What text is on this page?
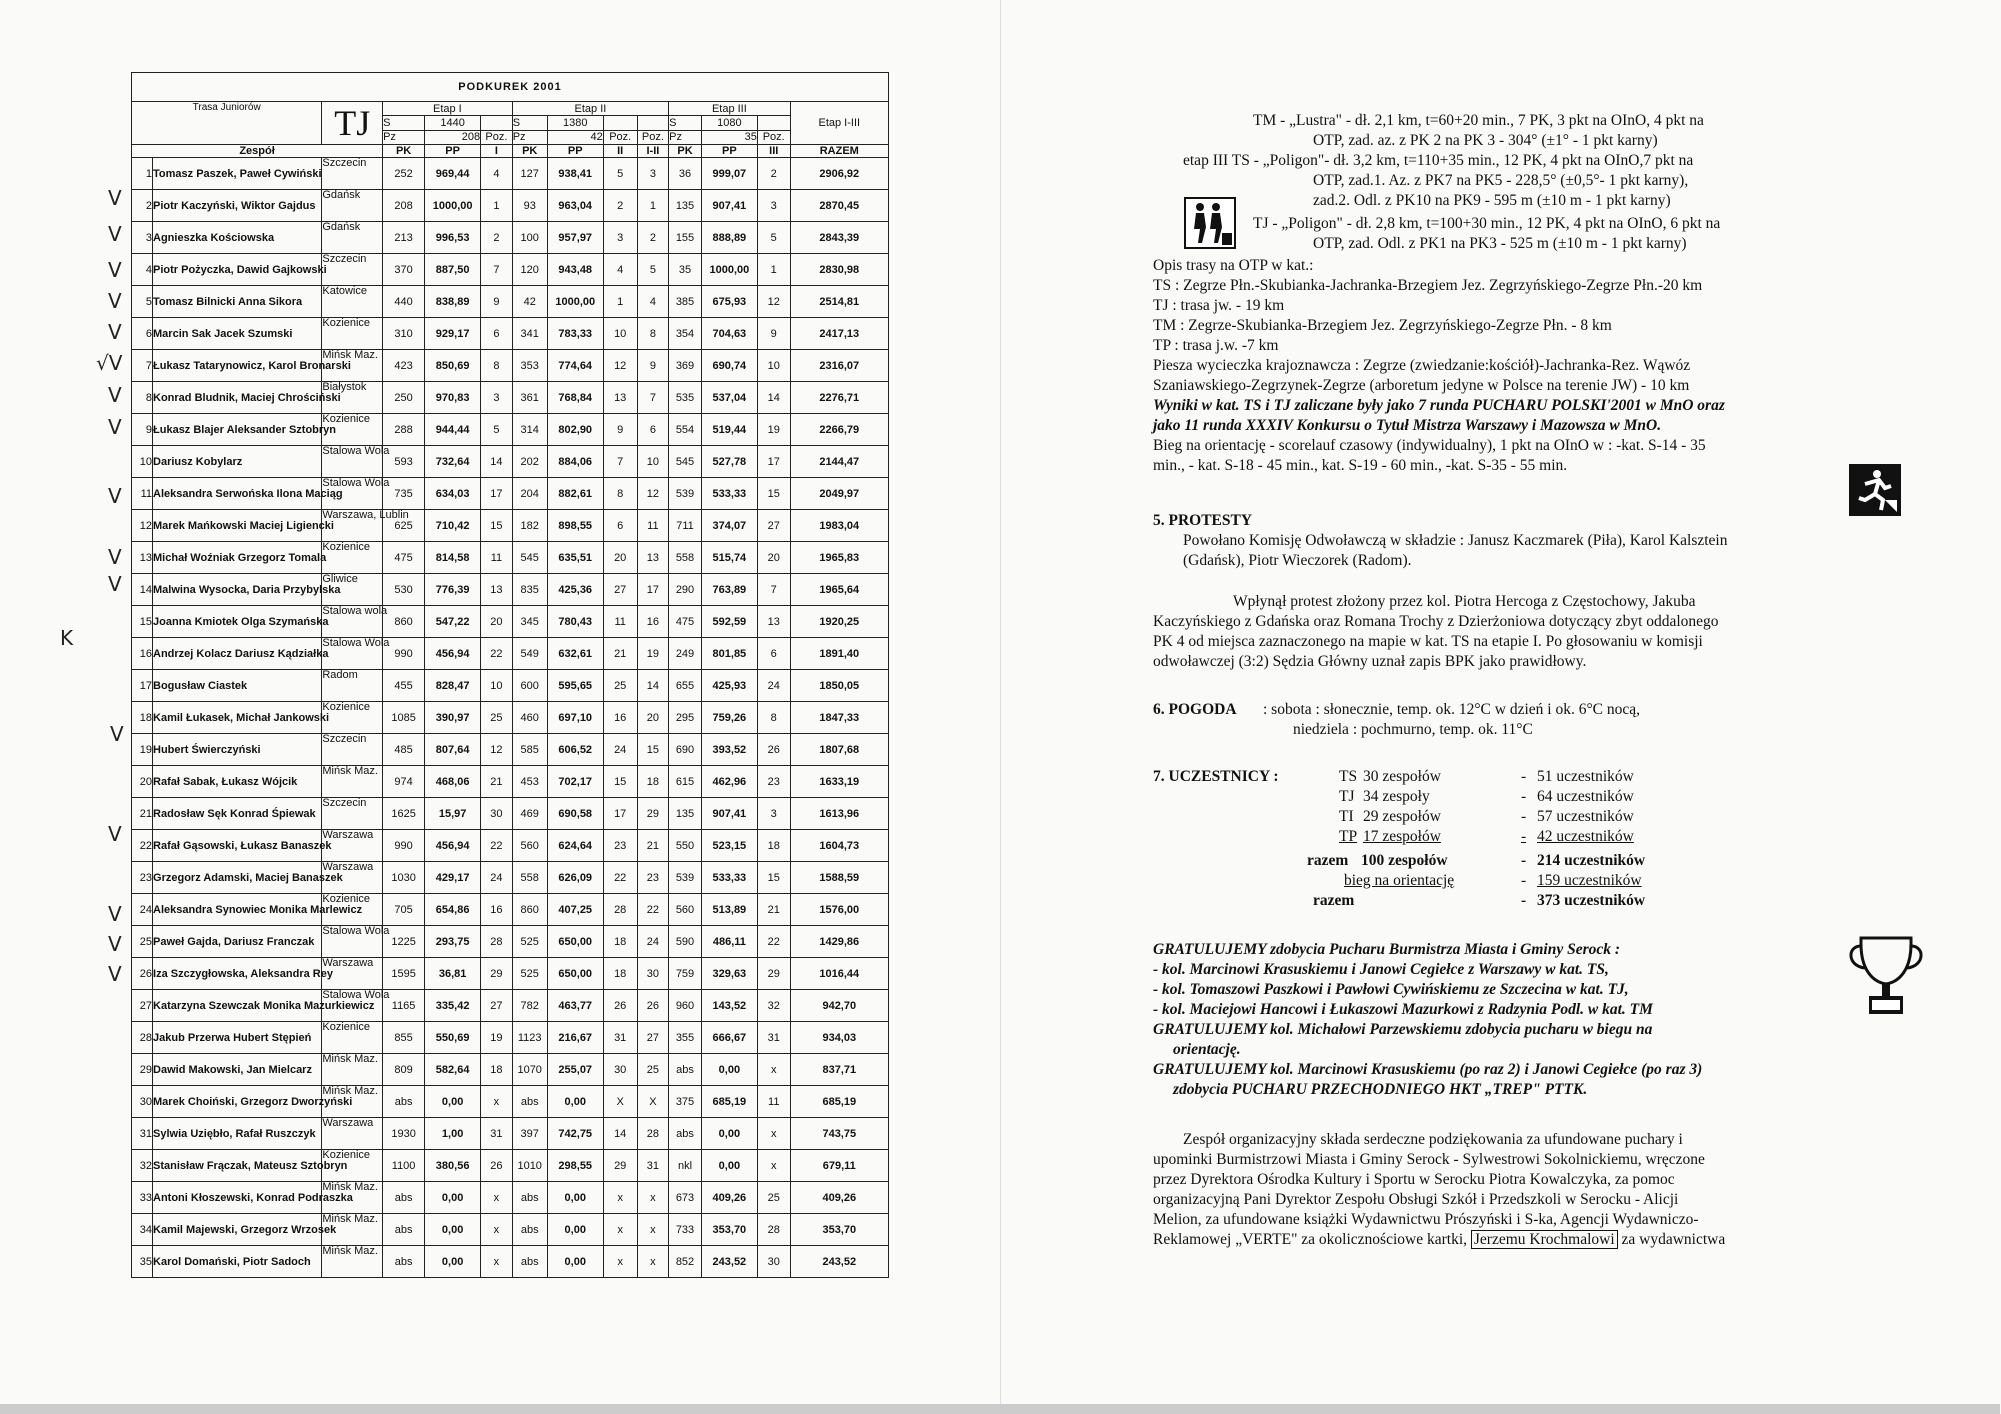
PODKUREK 2001													
Trasa Juniorów		TJ	Etap I			Etap II				Etap III			Etap I-III
			S	1440		S	1380			S	1080		
			Pz	208	Poz.	Pz	42	Poz.	Poz.	Pz	35	Poz.	
Zespół			PK	PP	I	PK	PP	II	I-II	PK	PP	III	RAZEM
1	Tomasz Paszek, Paweł Cywiński	Szczecin	252	969,44	4	127	938,41	5	3	36	999,07	2	2906,92
2	Piotr Kaczyński, Wiktor Gajdus	Gdańsk	208	1000,00	1	93	963,04	2	1	135	907,41	3	2870,45
3	Agnieszka Kościowska	Gdańsk	213	996,53	2	100	957,97	3	2	155	888,89	5	2843,39
4	Piotr Pożyczka, Dawid Gajkowski	Szczecin	370	887,50	7	120	943,48	4	5	35	1000,00	1	2830,98
5	Tomasz Bilnicki Anna Sikora	Katowice	440	838,89	9	42	1000,00	1	4	385	675,93	12	2514,81
6	Marcin Sak Jacek Szumski	Kozienice	310	929,17	6	341	783,33	10	8	354	704,63	9	2417,13
7	Łukasz Tatarynowicz, Karol Bronarski	Mińsk Maz.	423	850,69	8	353	774,64	12	9	369	690,74	10	2316,07
8	Konrad Bludnik, Maciej Chrościński	Białystok	250	970,83	3	361	768,84	13	7	535	537,04	14	2276,71
9	Łukasz Blajer Aleksander Sztobryn	Kozienice	288	944,44	5	314	802,90	9	6	554	519,44	19	2266,79
10	Dariusz Kobylarz	Stalowa Wola	593	732,64	14	202	884,06	7	10	545	527,78	17	2144,47
11	Aleksandra Serwońska Ilona Maciąg	Stalowa Wola	735	634,03	17	204	882,61	8	12	539	533,33	15	2049,97
12	Marek Mańkowski Maciej Ligiencki	Warszawa, Lublin	625	710,42	15	182	898,55	6	11	711	374,07	27	1983,04
13	Michał Woźniak Grzegorz Tomala	Kozienice	475	814,58	11	545	635,51	20	13	558	515,74	20	1965,83
14	Malwina Wysocka, Daria Przybylska	Gliwice	530	776,39	13	835	425,36	27	17	290	763,89	7	1965,64
15	Joanna Kmiotek Olga Szymańska	Stalowa wola	860	547,22	20	345	780,43	11	16	475	592,59	13	1920,25
16	Andrzej Kolacz Dariusz Kądziałka	Stalowa Wola	990	456,94	22	549	632,61	21	19	249	801,85	6	1891,40
17	Bogusław Ciastek	Radom	455	828,47	10	600	595,65	25	14	655	425,93	24	1850,05
18	Kamil Łukasek, Michał Jankowski	Kozienice	1085	390,97	25	460	697,10	16	20	295	759,26	8	1847,33
19	Hubert Świerczyński	Szczecin	485	807,64	12	585	606,52	24	15	690	393,52	26	1807,68
20	Rafał Sabak, Łukasz Wójcik	Mińsk Maz.	974	468,06	21	453	702,17	15	18	615	462,96	23	1633,19
21	Radosław Sęk Konrad Śpiewak	Szczecin	1625	15,97	30	469	690,58	17	29	135	907,41	3	1613,96
22	Rafał Gąsowski, Łukasz Banaszek	Warszawa	990	456,94	22	560	624,64	23	21	550	523,15	18	1604,73
23	Grzegorz Adamski, Maciej Banaszek	Warszawa	1030	429,17	24	558	626,09	22	23	539	533,33	15	1588,59
24	Aleksandra Synowiec Monika Marlewicz	Kozienice	705	654,86	16	860	407,25	28	22	560	513,89	21	1576,00
25	Paweł Gajda, Dariusz Franczak	Stalowa Wola	1225	293,75	28	525	650,00	18	24	590	486,11	22	1429,86
26	Iza Szczygłowska, Aleksandra Rey	Warszawa	1595	36,81	29	525	650,00	18	30	759	329,63	29	1016,44
27	Katarzyna Szewczak Monika Mazurkiewicz	Stalowa Wola	1165	335,42	27	782	463,77	26	26	960	143,52	32	942,70
28	Jakub Przerwa Hubert Stępień	Kozienice	855	550,69	19	1123	216,67	31	27	355	666,67	31	934,03
29	Dawid Makowski, Jan Mielcarz	Mińsk Maz.	809	582,64	18	1070	255,07	30	25	abs	0,00	x	837,71
30	Marek Choiński, Grzegorz Dworzyński	Mińsk Maz.	abs	0,00	x	abs	0,00	X	X	375	685,19	11	685,19
31	Sylwia Uziębło, Rafał Ruszczyk	Warszawa	1930	1,00	31	397	742,75	14	28	abs	0,00	x	743,75
32	Stanisław Frączak, Mateusz Sztobryn	Kozienice	1100	380,56	26	1010	298,55	29	31	nkl	0,00	x	679,11
33	Antoni Kłoszewski, Konrad Podraszka	Mińsk Maz.	abs	0,00	x	abs	0,00	x	x	673	409,26	25	409,26
34	Kamil Majewski, Grzegorz Wrzosek	Mińsk Maz.	abs	0,00	x	abs	0,00	x	x	733	353,70	28	353,70
35	Karol Domański, Piotr Sadoch	Mińsk Maz.	abs	0,00	x	abs	0,00	x	x	852	243,52	30	243,52
V
V
V
V
V
√V
V
V
V
V
V
K
V
V
V
V
V
TM - „Lustra" - dł. 2,1 km, t=60+20 min., 7 PK, 3 pkt na OInO, 4 pkt na
OTP, zad. az. z PK 2 na PK 3 - 304° (±1° - 1 pkt karny)
etap III TS - „Poligon"- dł. 3,2 km, t=110+35 min., 12 PK, 4 pkt na OInO,7 pkt na
OTP, zad.1. Az. z PK7 na PK5 - 228,5° (±0,5°- 1 pkt karny),
zad.2. Odl. z PK10 na PK9 - 595 m (±10 m - 1 pkt karny)
TJ - „Poligon" - dł. 2,8 km, t=100+30 min., 12 PK, 4 pkt na OInO, 6 pkt na
OTP, zad. Odl. z PK1 na PK3 - 525 m (±10 m - 1 pkt karny)
Opis trasy na OTP w kat.:
TS : Zegrze Płn.-Skubianka-Jachranka-Brzegiem Jez. Zegrzyńskiego-Zegrze Płn.-20 km
TJ : trasa jw. - 19 km
TM : Zegrze-Skubianka-Brzegiem Jez. Zegrzyńskiego-Zegrze Płn. - 8 km
TP : trasa j.w. -7 km
Piesza wycieczka krajoznawcza : Zegrze (zwiedzanie:kościół)-Jachranka-Rez. Wąwóz
Szaniawskiego-Zegrzynek-Zegrze (arboretum jedyne w Polsce na terenie JW) - 10 km
Wyniki w kat. TS i TJ zaliczane były jako 7 runda PUCHARU POLSKI'2001 w MnO oraz
jako 11 runda XXXIV Konkursu o Tytuł Mistrza Warszawy i Mazowsza w MnO.
Bieg na orientację - scorelauf czasowy (indywidualny), 1 pkt na OInO w : -kat. S-14 - 35
min., - kat. S-18 - 45 min., kat. S-19 - 60 min., -kat. S-35 - 55 min.
5. PROTESTY
Powołano Komisję Odwoławczą w składzie : Janusz Kaczmarek (Piła), Karol Kalsztein
(Gdańsk), Piotr Wieczorek (Radom).
Wpłynął protest złożony przez kol. Piotra Hercoga z Częstochowy, Jakuba
Kaczyńskiego z Gdańska oraz Romana Trochy z Dzierżoniowa dotyczący zbyt oddalonego
PK 4 od miejsca zaznaczonego na mapie w kat. TS na etapie I. Po głosowaniu w komisji
odwoławczej (3:2) Sędzia Główny uznał zapis BPK jako prawidłowy.
6. POGODA : sobota : słonecznie, temp. ok. 12°C w dzień i ok. 6°C nocą,
niedziela : pochmurno, temp. ok. 11°C
7. UCZESTNICY :	TS 30 zespołów	- 51 uczestników
TJ 34 zespoły	- 64 uczestników
TI 29 zespołów	- 57 uczestników
TP 17 zespołów	- 42 uczestników
razem 100 zespołów	- 214 uczestników
bieg na orientację	- 159 uczestników
razem	- 373 uczestników
GRATULUJEMY zdobycia Pucharu Burmistrza Miasta i Gminy Serock :
- kol. Marcinowi Krasuskiemu i Janowi Cegiełce z Warszawy w kat. TS,
- kol. Tomaszowi Paszkowi i Pawłowi Cywińskiemu ze Szczecina w kat. TJ,
- kol. Maciejowi Hancowi i Łukaszowi Mazurkowi z Radzynia Podl. w kat. TM
GRATULUJEMY kol. Michałowi Parzewskiemu zdobycia pucharu w biegu na
orientację.
GRATULUJEMY kol. Marcinowi Krasuskiemu (po raz 2) i Janowi Cegiełce (po raz 3)
zdobycia PUCHARU PRZECHODNIEGO HKT „TREP" PTTK.
Zespół organizacyjny składa serdeczne podziękowania za ufundowane puchary i
upominki Burmistrzowi Miasta i Gminy Serock - Sylwestrowi Sokolnickiemu, wręczone
przez Dyrektora Ośrodka Kultury i Sportu w Serocku Piotra Kowalczyka, za pomoc
organizacyjną Pani Dyrektor Zespołu Obsługi Szkół i Przedszkoli w Serocku - Alicji
Melion, za ufundowane książki Wydawnictwu Prószyński i S-ka, Agencji Wydawniczo-
Reklamowej „VERTE" za okolicznościowe kartki, Jerzemu Krochmalowi za wydawnictwa
